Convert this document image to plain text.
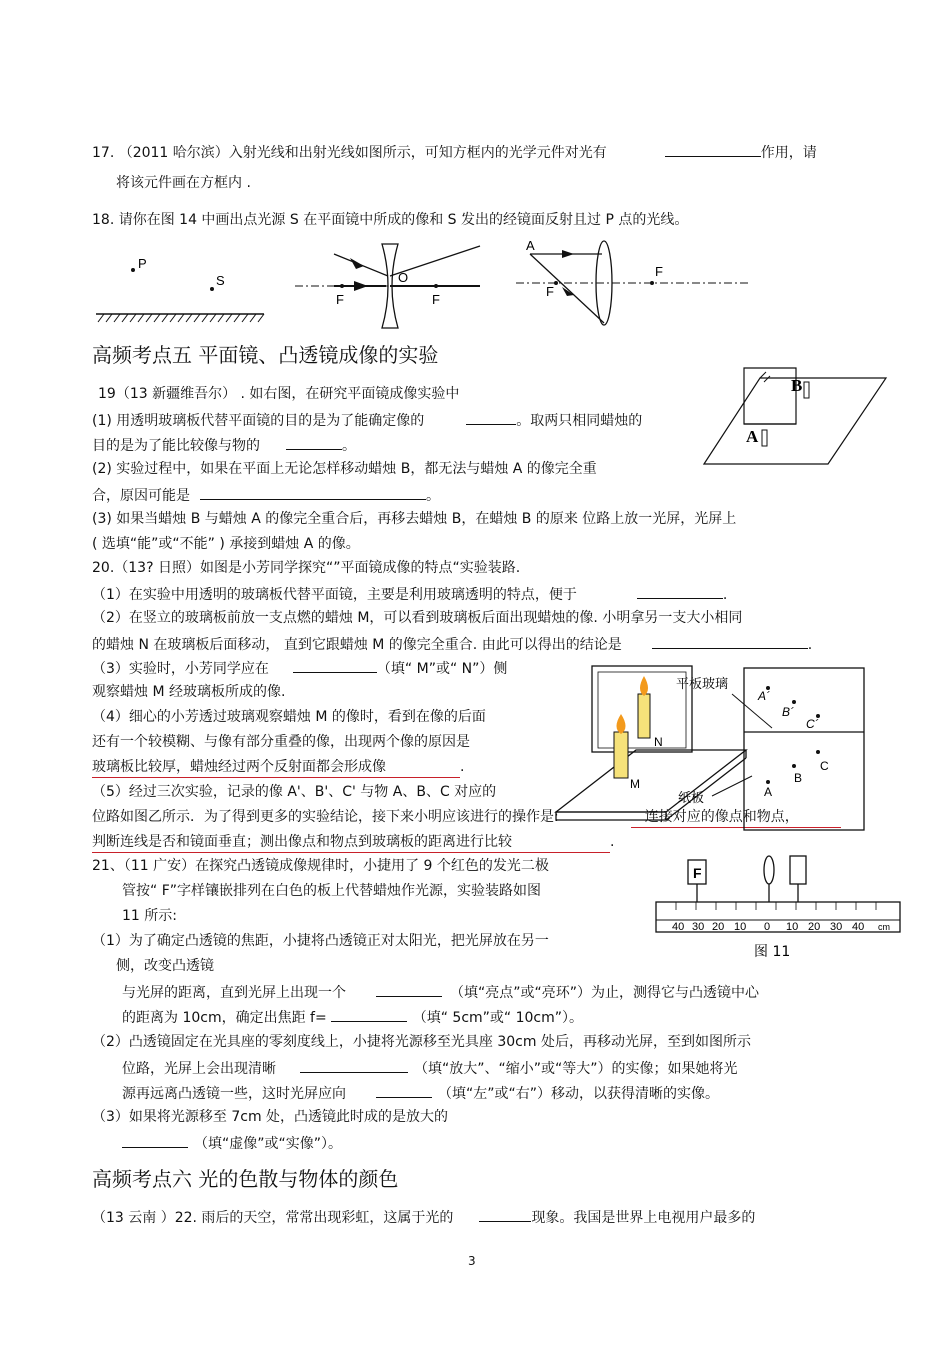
17. （2011 哈尔滨）入射光线和出射光线如图所示，可知方框内的光学元件对光有	作用，请
将该元件画在方框内 .
18. 请你在图 14 中画出点光源 S 在平面镜中所成的像和 S 发出的经镜面反射且过 P 点的光线。
P
S	O
F	F
A
F
F
高频考点五 平面镜、凸透镜成像的实验
A
B
19（13 新疆维吾尔） . 如右图，在研究平面镜成像实验中
(1) 用透明玻璃板代替平面镜的目的是为了能确定像的	。取两只相同蜡烛的
目的是为了能比较像与物的	。
(2) 实验过程中，如果在平面上无论怎样移动蜡烛 B，都无法与蜡烛 A 的像完全重
合，原因可能是	。
(3) 如果当蜡烛 B 与蜡烛 A 的像完全重合后，再移去蜡烛 B，在蜡烛 B 的原来 位路上放一光屏，光屏上
( 选填“能”或“不能” ) 承接到蜡烛 A 的像。
20.（13? 日照）如图是小芳同学探究“”平面镜成像的特点“实验装路.
（1）在实验中用透明的玻璃板代替平面镜，主要是利用玻璃透明的特点，便于	.
（2）在竖立的玻璃板前放一支点燃的蜡烛 M，可以看到玻璃板后面出现蜡烛的像. 小明拿另一支大小相同
的蜡烛 N 在玻璃板后面移动， 直到它跟蜡烛 M 的像完全重合. 由此可以得出的结论是	.
（3）实验时，小芳同学应在	（填“ M”或“ N”）侧
观察蜡烛 M 经玻璃板所成的像.
（4）细心的小芳透过玻璃观察蜡烛 M 的像时，看到在像的后面
还有一个较模糊、与像有部分重叠的像，出现两个像的原因是
玻璃板比较厚，蜡烛经过两个反射面都会形成像	.
（5）经过三次实验，记录的像 A'、B'、C' 与物 A、B、C 对应的
位路如图乙所示．为了得到更多的实验结论，接下来小明应该进行的操作是:	连接对应的像点和物点，
判断连线是否和镜面垂直；测出像点和物点到玻璃板的距离进行比较	.
M
N
平板玻璃
纸板
A´
B´
C´
C
B
A
21、（11 广安）在探究凸透镜成像规律时，小捷用了 9 个红色的发光二极
管按“ F”字样镶嵌排列在白色的板上代替蜡烛作光源，实验装路如图
11 所示:
（1）为了确定凸透镜的焦距，小捷将凸透镜正对太阳光，把光屏放在另一
侧，改变凸透镜
与光屏的距离，直到光屏上出现一个	（填“亮点”或“亮环”）为止，测得它与凸透镜中心
的距离为 10cm，确定出焦距 f=	（填“ 5cm”或“ 10cm”）。
（2）凸透镜固定在光具座的零刻度线上，小捷将光源移至光具座 30cm 处后，再移动光屏，至到如图所示
位路，光屏上会出现清晰	（填“放大”、“缩小”或“等大”）的实像；如果她将光
源再远离凸透镜一些，这时光屏应向	（填“左”或“右”）移动，以获得清晰的实像。
（3）如果将光源移至 7cm 处，凸透镜此时成的是放大的
（填“虚像”或“实像”）。
F
40 30 20 10 0 10 20 30 40 cm
图 11
高频考点六 光的色散与物体的颜色
（13 云南 ）22. 雨后的天空，常常出现彩虹，这属于光的	现象。我国是世界上电视用户最多的
3
